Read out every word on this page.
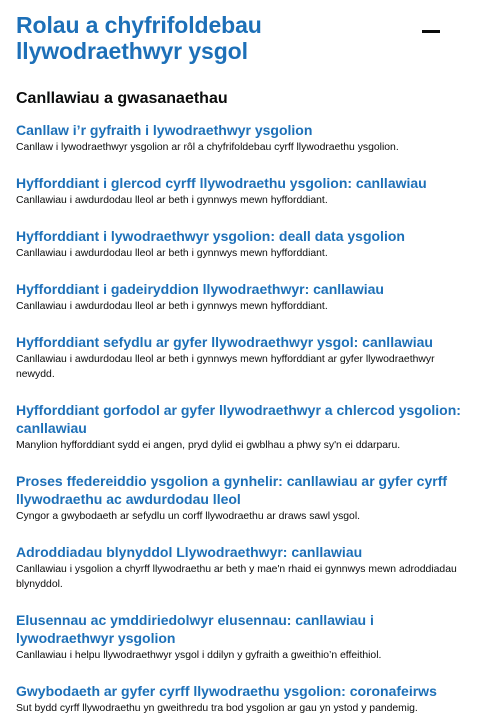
Rolau a chyfrifoldebau llywodraethwyr ysgol
Canllawiau a gwasanaethau
Canllaw i’r gyfraith i lywodraethwyr ysgolion

Canllaw i lywodraethwyr ysgolion ar rôl a chyfrifoldebau cyrff llywodraethu ysgolion.

Hyfforddiant i glercod cyrff llywodraethu ysgolion: canllawiau

Canllawiau i awdurdodau lleol ar beth i gynnwys mewn hyfforddiant.

Hyfforddiant i lywodraethwyr ysgolion: deall data ysgolion

Canllawiau i awdurdodau lleol ar beth i gynnwys mewn hyfforddiant.

Hyfforddiant i gadeiryddion llywodraethwyr: canllawiau

Canllawiau i awdurdodau lleol ar beth i gynnwys mewn hyfforddiant.

Hyfforddiant sefydlu ar gyfer llywodraethwyr ysgol: canllawiau

Canllawiau i awdurdodau lleol ar beth i gynnwys mewn hyfforddiant ar gyfer llywodraethwyr newydd.

Hyfforddiant gorfodol ar gyfer llywodraethwyr a chlercod ysgolion: canllawiau

Manylion hyfforddiant sydd ei angen, pryd dylid ei gwblhau a phwy sy'n ei ddarparu.

Proses ffedereiddio ysgolion a gynhelir: canllawiau ar gyfer cyrff llywodraethu ac awdurdodau lleol

Cyngor a gwybodaeth ar sefydlu un corff llywodraethu ar draws sawl ysgol.

Adroddiadau blynyddol Llywodraethwyr: canllawiau

Canllawiau i ysgolion a chyrff llywodraethu ar beth y mae'n rhaid ei gynnwys mewn adroddiadau blynyddol.

Elusennau ac ymddiriedolwyr elusennau: canllawiau i lywodraethwyr ysgolion

Canllawiau i helpu llywodraethwyr ysgol i ddilyn y gyfraith a gweithio’n effeithiol.

Gwybodaeth ar gyfer cyrff llywodraethu ysgolion: coronafeirws

Sut bydd cyrff llywodraethu yn gweithredu tra bod ysgolion ar gau yn ystod y pandemig.
